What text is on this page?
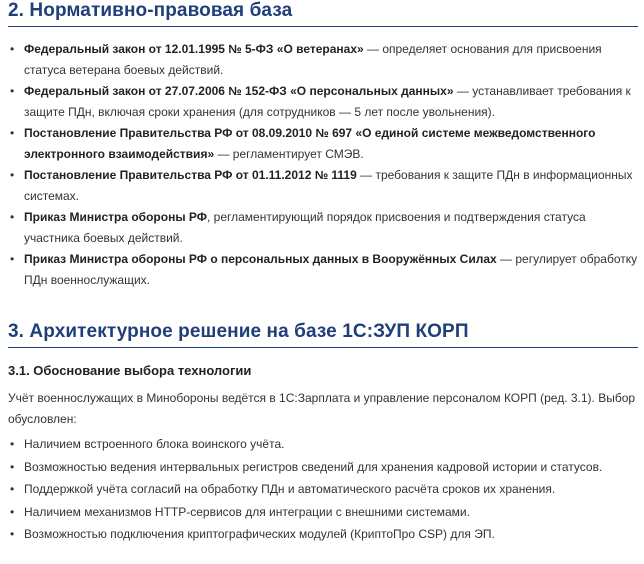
2. Нормативно-правовая база
• Федеральный закон от 12.01.1995 № 5-ФЗ «О ветеранах» — определяет основания для присвоения статуса ветерана боевых действий.
• Федеральный закон от 27.07.2006 № 152-ФЗ «О персональных данных» — устанавливает требования к защите ПДн, включая сроки хранения (для сотрудников — 5 лет после увольнения).
• Постановление Правительства РФ от 08.09.2010 № 697 «О единой системе межведомственного электронного взаимодействия» — регламентирует СМЭВ.
• Постановление Правительства РФ от 01.11.2012 № 1119 — требования к защите ПДн в информационных системах.
• Приказ Министра обороны РФ, регламентирующий порядок присвоения и подтверждения статуса участника боевых действий.
• Приказ Министра обороны РФ о персональных данных в Вооружённых Силах — регулирует обработку ПДн военнослужащих.
3. Архитектурное решение на базе 1С:ЗУП КОРП
3.1. Обоснование выбора технологии

Учёт военнослужащих в Минобороны ведётся в 1С:Зарплата и управление персоналом КОРП (ред. 3.1). Выбор обусловлен:

• Наличием встроенного блока воинского учёта.
• Возможностью ведения интервальных регистров сведений для хранения кадровой истории и статусов.
• Поддержкой учёта согласий на обработку ПДн и автоматического расчёта сроков их хранения.
• Наличием механизмов HTTP-сервисов для интеграции с внешними системами.
• Возможностью подключения криптографических модулей (КриптоПро CSP) для ЭП.
